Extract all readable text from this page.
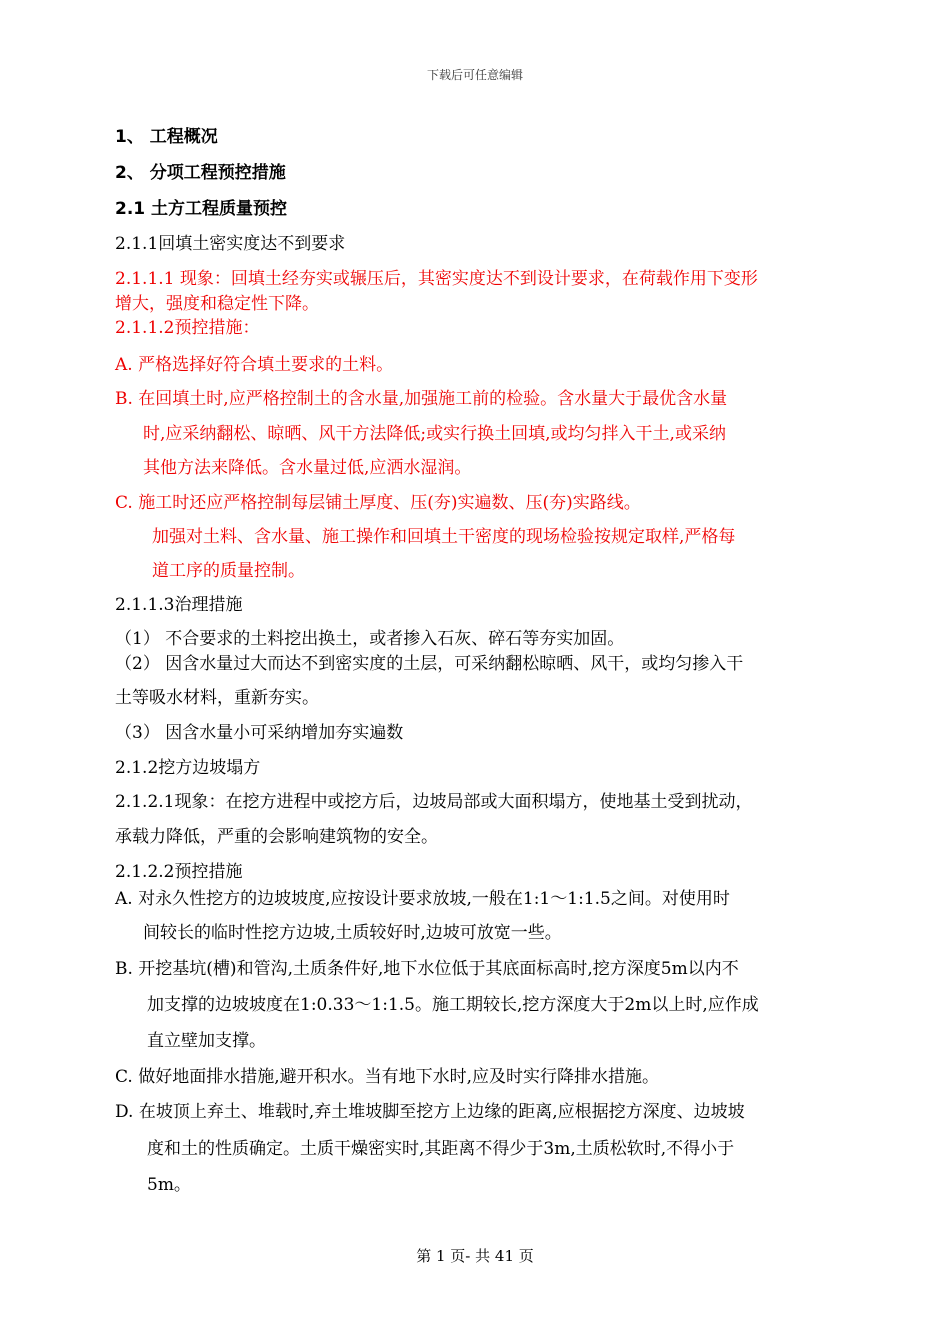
下载后可任意编辑
1、 工程概况
2、 分项工程预控措施
2.1 土方工程质量预控
2.1.1回填土密实度达不到要求
2.1.1.1 现象：回填土经夯实或辗压后，其密实度达不到设计要求，在荷载作用下变形
增大，强度和稳定性下降。
2.1.1.2预控措施：
A. 严格选择好符合填土要求的土料。
B. 在回填土时,应严格控制土的含水量,加强施工前的检验。含水量大于最优含水量
时,应采纳翻松、晾晒、风干方法降低;或实行换土回填,或均匀拌入干土,或采纳
其他方法来降低。含水量过低,应洒水湿润。
C. 施工时还应严格控制每层铺土厚度、压(夯)实遍数、压(夯)实路线。
加强对土料、含水量、施工操作和回填土干密度的现场检验按规定取样,严格每
道工序的质量控制。
2.1.1.3治理措施
（1） 不合要求的土料挖出换土，或者掺入石灰、碎石等夯实加固。
（2） 因含水量过大而达不到密实度的土层，可采纳翻松晾晒、风干，或均匀掺入干
土等吸水材料，重新夯实。
（3） 因含水量小可采纳增加夯实遍数
2.1.2挖方边坡塌方
2.1.2.1现象：在挖方进程中或挖方后，边坡局部或大面积塌方，使地基土受到扰动，
承载力降低，严重的会影响建筑物的安全。
2.1.2.2预控措施
A. 对永久性挖方的边坡坡度,应按设计要求放坡,一般在1:1～1:1.5之间。对使用时
间较长的临时性挖方边坡,土质较好时,边坡可放宽一些。
B. 开挖基坑(槽)和管沟,土质条件好,地下水位低于其底面标高时,挖方深度5m以内不
加支撑的边坡坡度在1:0.33～1:1.5。施工期较长,挖方深度大于2m以上时,应作成
直立壁加支撑。
C. 做好地面排水措施,避开积水。当有地下水时,应及时实行降排水措施。
D. 在坡顶上弃土、堆载时,弃土堆坡脚至挖方上边缘的距离,应根据挖方深度、边坡坡
度和土的性质确定。土质干燥密实时,其距离不得少于3m,土质松软时,不得小于
5m。
第 1 页- 共 41 页
